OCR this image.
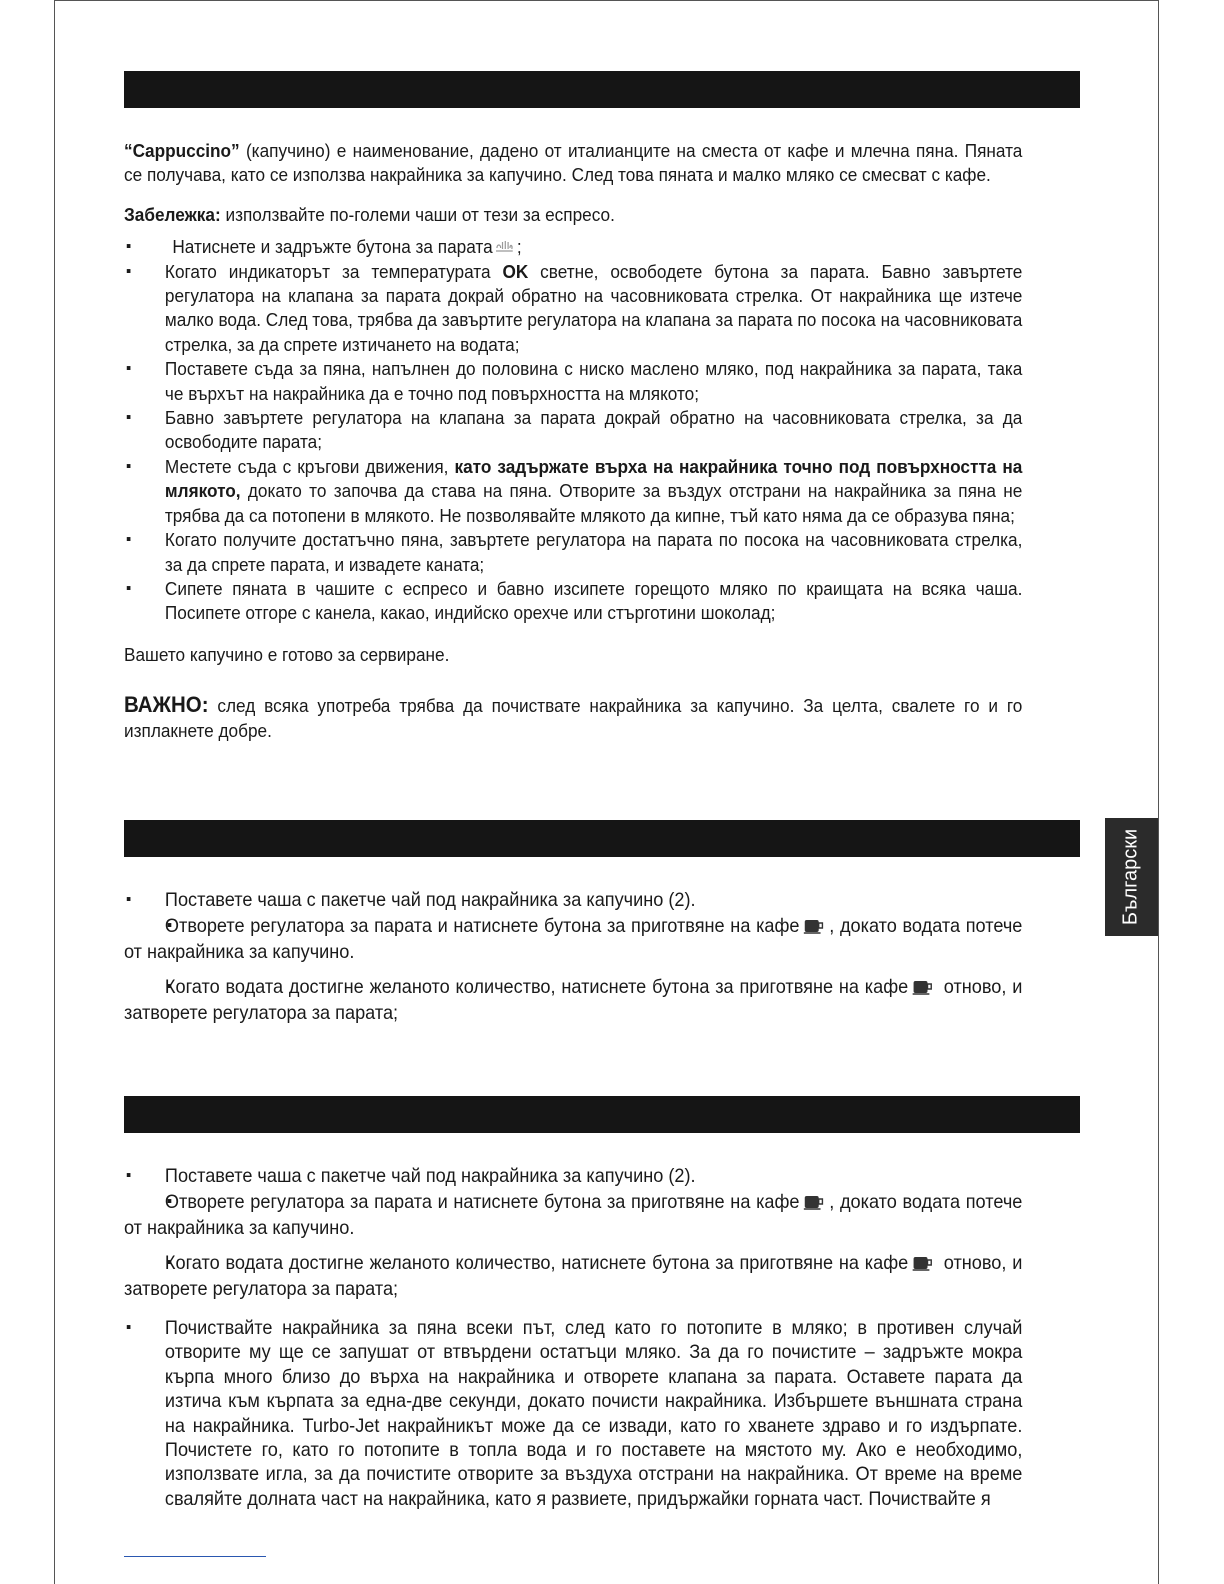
“Cappuccino” (капучино) е наименование, дадено от италианците на сместа от кафе и млечна пяна. Пяната се получава, като се използва накрайника за капучино. След това пяната и малко мляко се смесват с кафе.

Забележка: използвайте по-големи чаши от тези за еспресо.

▪ Натиснете и задръжте бутона за парата ;
▪ Когато индикаторът за температурата OK светне, освободете бутона за парата. Бавно завъртете регулатора на клапана за парата докрай обратно на часовниковата стрелка. От накрайника ще изтече малко вода. След това, трябва да завъртите регулатора на клапана за парата по посока на часовниковата стрелка, за да спрете изтичането на водата;
▪ Поставете съда за пяна, напълнен до половина с ниско маслено мляко, под накрайника за парата, така че върхът на накрайника да е точно под повърхността на млякото;
▪ Бавно завъртете регулатора на клапана за парата докрай обратно на часовниковата стрелка, за да освободите парата;
▪ Местете съда с кръгови движения, като задържате върха на накрайника точно под повърхността на млякото, докато то започва да става на пяна. Отворите за въздух отстрани на накрайника за пяна не трябва да са потопени в млякото. Не позволявайте млякото да кипне, тъй като няма да се образува пяна;
▪ Когато получите достатъчно пяна, завъртете регулатора на парата по посока на часовниковата стрелка, за да спрете парата, и извадете каната;
▪ Сипете пяната в чашите с еспресо и бавно изсипете горещото мляко по краищата на всяка чаша. Посипете отгоре с канела, какао, индийско орехче или стърготини шоколад;

Вашето капучино е готово за сервиране.

ВАЖНО: след всяка употреба трябва да почиствате накрайника за капучино. За целта, свалете го и го изплакнете добре.

▪ Поставете чаша с пакетче чай под накрайника за капучино (2).
▪ Отворете регулатора за парата и натиснете бутона за приготвяне на кафе , докато водата потече от накрайника за капучино.
▪ Когато водата достигне желаното количество, натиснете бутона за приготвяне на кафе отново, и затворете регулатора за парата;
▪ Поставете чаша с пакетче чай под накрайника за капучино (2).
▪ Отворете регулатора за парата и натиснете бутона за приготвяне на кафе , докато водата потече от накрайника за капучино.
▪ Когато водата достигне желаното количество, натиснете бутона за приготвяне на кафе отново, и затворете регулатора за парата;
▪ Почиствайте накрайника за пяна всеки път, след като го потопите в мляко; в противен случай отворите му ще се запушат от втвърдени остатъци мляко. За да го почистите – задръжте мокра кърпа много близо до върха на накрайника и отворете клапана за парата. Оставете парата да изтича към кърпата за една-две секунди, докато почисти накрайника. Избършете външната страна на накрайника. Turbo-Jet накрайникът може да се извади, като го хванете здраво и го издърпате. Почистете го, като го потопите в топла вода и го поставете на мястото му. Ако е необходимо, използвате игла, за да почистите отворите за въздуха отстрани на накрайника. От време на време сваляйте долната част на накрайника, като я развиете, придържайки горната част. Почиствайте я
Български
